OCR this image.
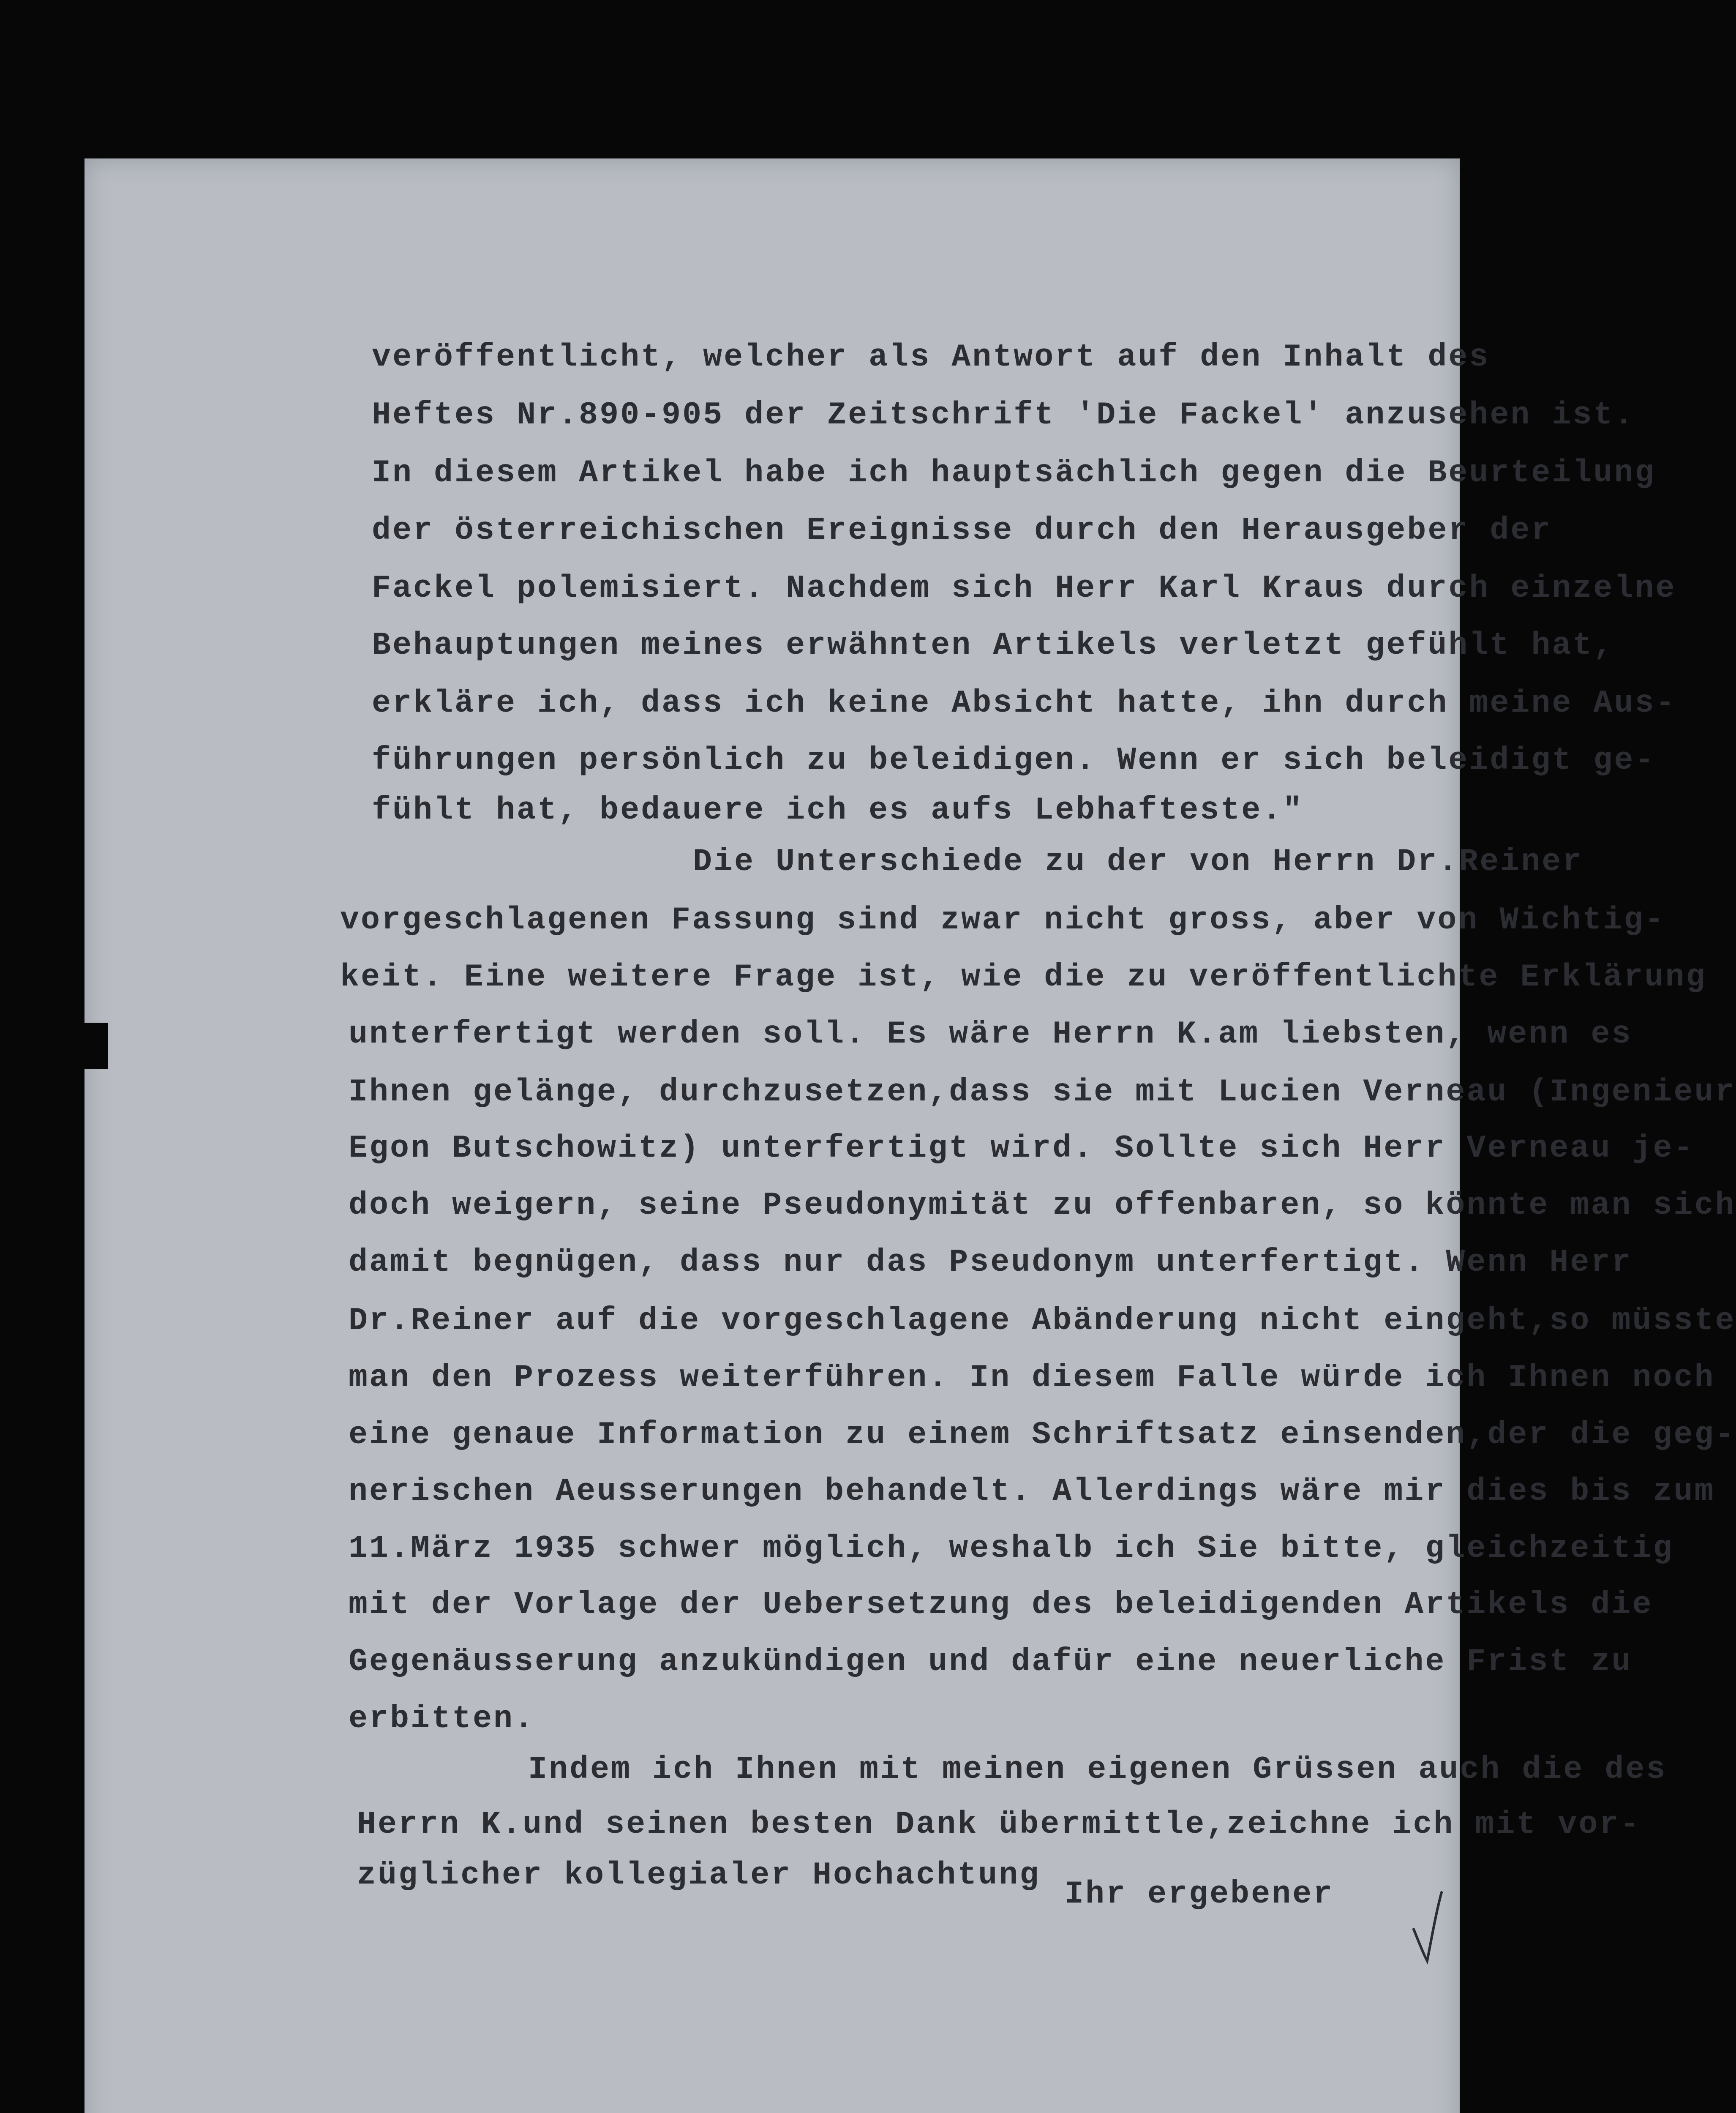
veröffentlicht, welcher als Antwort auf den Inhalt des
Heftes Nr.890-905 der Zeitschrift 'Die Fackel' anzusehen ist.
In diesem Artikel habe ich hauptsächlich gegen die Beurteilung
der österreichischen Ereignisse durch den Herausgeber der
Fackel polemisiert. Nachdem sich Herr Karl Kraus durch einzelne
Behauptungen meines erwähnten Artikels verletzt gefühlt hat,
erkläre ich, dass ich keine Absicht hatte, ihn durch meine Aus-
führungen persönlich zu beleidigen. Wenn er sich beleidigt ge-
fühlt hat, bedauere ich es aufs Lebhafteste."
Die Unterschiede zu der von Herrn Dr.Reiner
vorgeschlagenen Fassung sind zwar nicht gross, aber von Wichtig-
keit. Eine weitere Frage ist, wie die zu veröffentlichte Erklärung
unterfertigt werden soll. Es wäre Herrn K.am liebsten, wenn es
Ihnen gelänge, durchzusetzen,dass sie mit Lucien Verneau (Ingenieur
Egon Butschowitz) unterfertigt wird. Sollte sich Herr Verneau je-
doch weigern, seine Pseudonymität zu offenbaren, so könnte man sich
damit begnügen, dass nur das Pseudonym unterfertigt. Wenn Herr
Dr.Reiner auf die vorgeschlagene Abänderung nicht eingeht,so müsste
man den Prozess weiterführen. In diesem Falle würde ich Ihnen noch
eine genaue Information zu einem Schriftsatz einsenden,der die geg-
nerischen Aeusserungen behandelt. Allerdings wäre mir dies bis zum
11.März 1935 schwer möglich, weshalb ich Sie bitte, gleichzeitig
mit der Vorlage der Uebersetzung des beleidigenden Artikels die
Gegenäusserung anzukündigen und dafür eine neuerliche Frist zu
erbitten.
Indem ich Ihnen mit meinen eigenen Grüssen auch die des
Herrn K.und seinen besten Dank übermittle,zeichne ich mit vor-
züglicher kollegialer Hochachtung
Ihr ergebener
